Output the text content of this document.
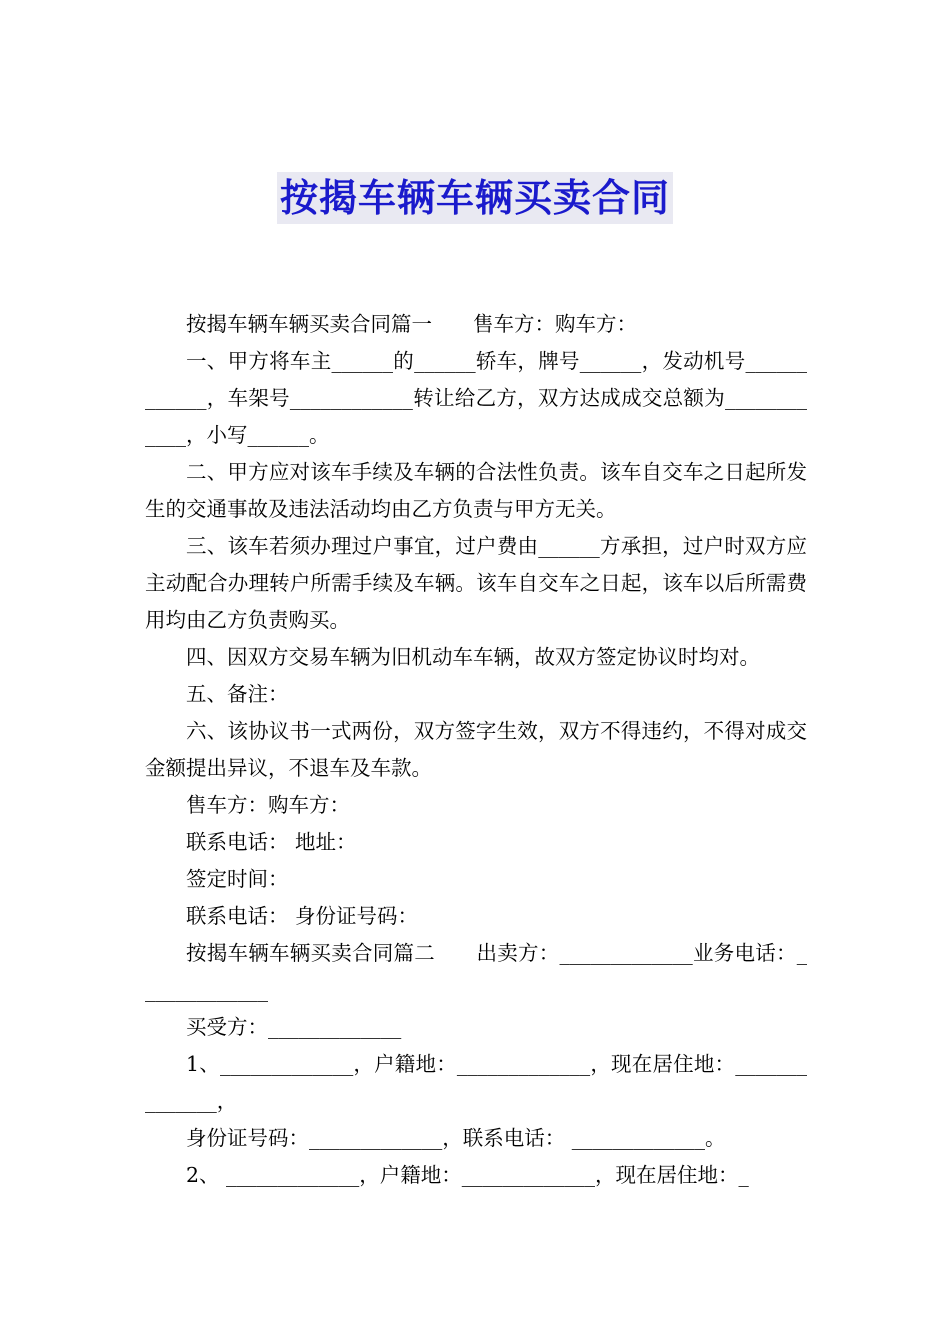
按揭车辆车辆买卖合同

按揭车辆车辆买卖合同篇一　　售车方：购车方：

一、甲方将车主______的______轿车，牌号______，发动机号____________，车架号____________转让给乙方，双方达成成交总额为____________，小写______。

二、甲方应对该车手续及车辆的合法性负责。该车自交车之日起所发生的交通事故及违法活动均由乙方负责与甲方无关。

三、该车若须办理过户事宜，过户费由______方承担，过户时双方应主动配合办理转户所需手续及车辆。该车自交车之日起，该车以后所需费用均由乙方负责购买。

四、因双方交易车辆为旧机动车车辆，故双方签定协议时均对。

五、备注：

六、该协议书一式两份，双方签字生效，双方不得违约，不得对成交金额提出异议，不退车及车款。

售车方：购车方：

联系电话： 地址：

签定时间：

联系电话： 身份证号码：

按揭车辆车辆买卖合同篇二　　出卖方：_____________业务电话：_____________

买受方：_____________

1、_____________，户籍地：_____________，现在居住地：______________，

身份证号码：_____________，联系电话： _____________。

2、 _____________，户籍地：_____________，现在居住地：_
